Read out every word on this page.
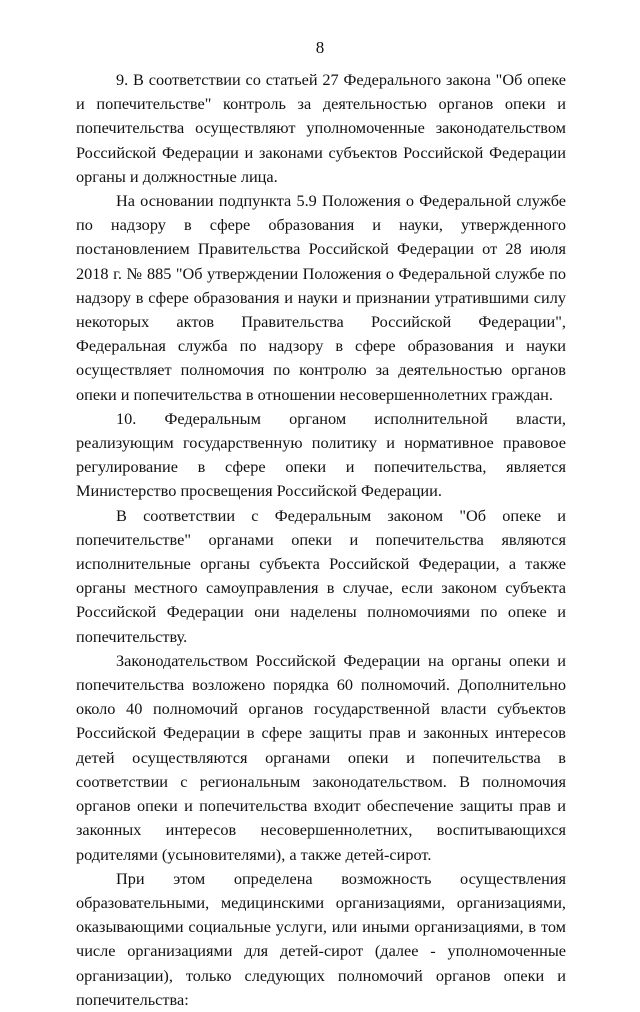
8

9. В соответствии со статьей 27 Федерального закона "Об опеке и попечительстве" контроль за деятельностью органов опеки и попечительства осуществляют уполномоченные законодательством Российской Федерации и законами субъектов Российской Федерации органы и должностные лица.

На основании подпункта 5.9 Положения о Федеральной службе по надзору в сфере образования и науки, утвержденного постановлением Правительства Российской Федерации от 28 июля 2018 г. № 885 "Об утверждении Положения о Федеральной службе по надзору в сфере образования и науки и признании утратившими силу некоторых актов Правительства Российской Федерации", Федеральная служба по надзору в сфере образования и науки осуществляет полномочия по контролю за деятельностью органов опеки и попечительства в отношении несовершеннолетних граждан.

10. Федеральным органом исполнительной власти, реализующим государственную политику и нормативное правовое регулирование в сфере опеки и попечительства, является Министерство просвещения Российской Федерации.

В соответствии с Федеральным законом "Об опеке и попечительстве" органами опеки и попечительства являются исполнительные органы субъекта Российской Федерации, а также органы местного самоуправления в случае, если законом субъекта Российской Федерации они наделены полномочиями по опеке и попечительству.

Законодательством Российской Федерации на органы опеки и попечительства возложено порядка 60 полномочий. Дополнительно около 40 полномочий органов государственной власти субъектов Российской Федерации в сфере защиты прав и законных интересов детей осуществляются органами опеки и попечительства в соответствии с региональным законодательством. В полномочия органов опеки и попечительства входит обеспечение защиты прав и законных интересов несовершеннолетних, воспитывающихся родителями (усыновителями), а также детей-сирот.

При этом определена возможность осуществления образовательными, медицинскими организациями, организациями, оказывающими социальные услуги, или иными организациями, в том числе организациями для детей-сирот (далее - уполномоченные организации), только следующих полномочий органов опеки и попечительства:
